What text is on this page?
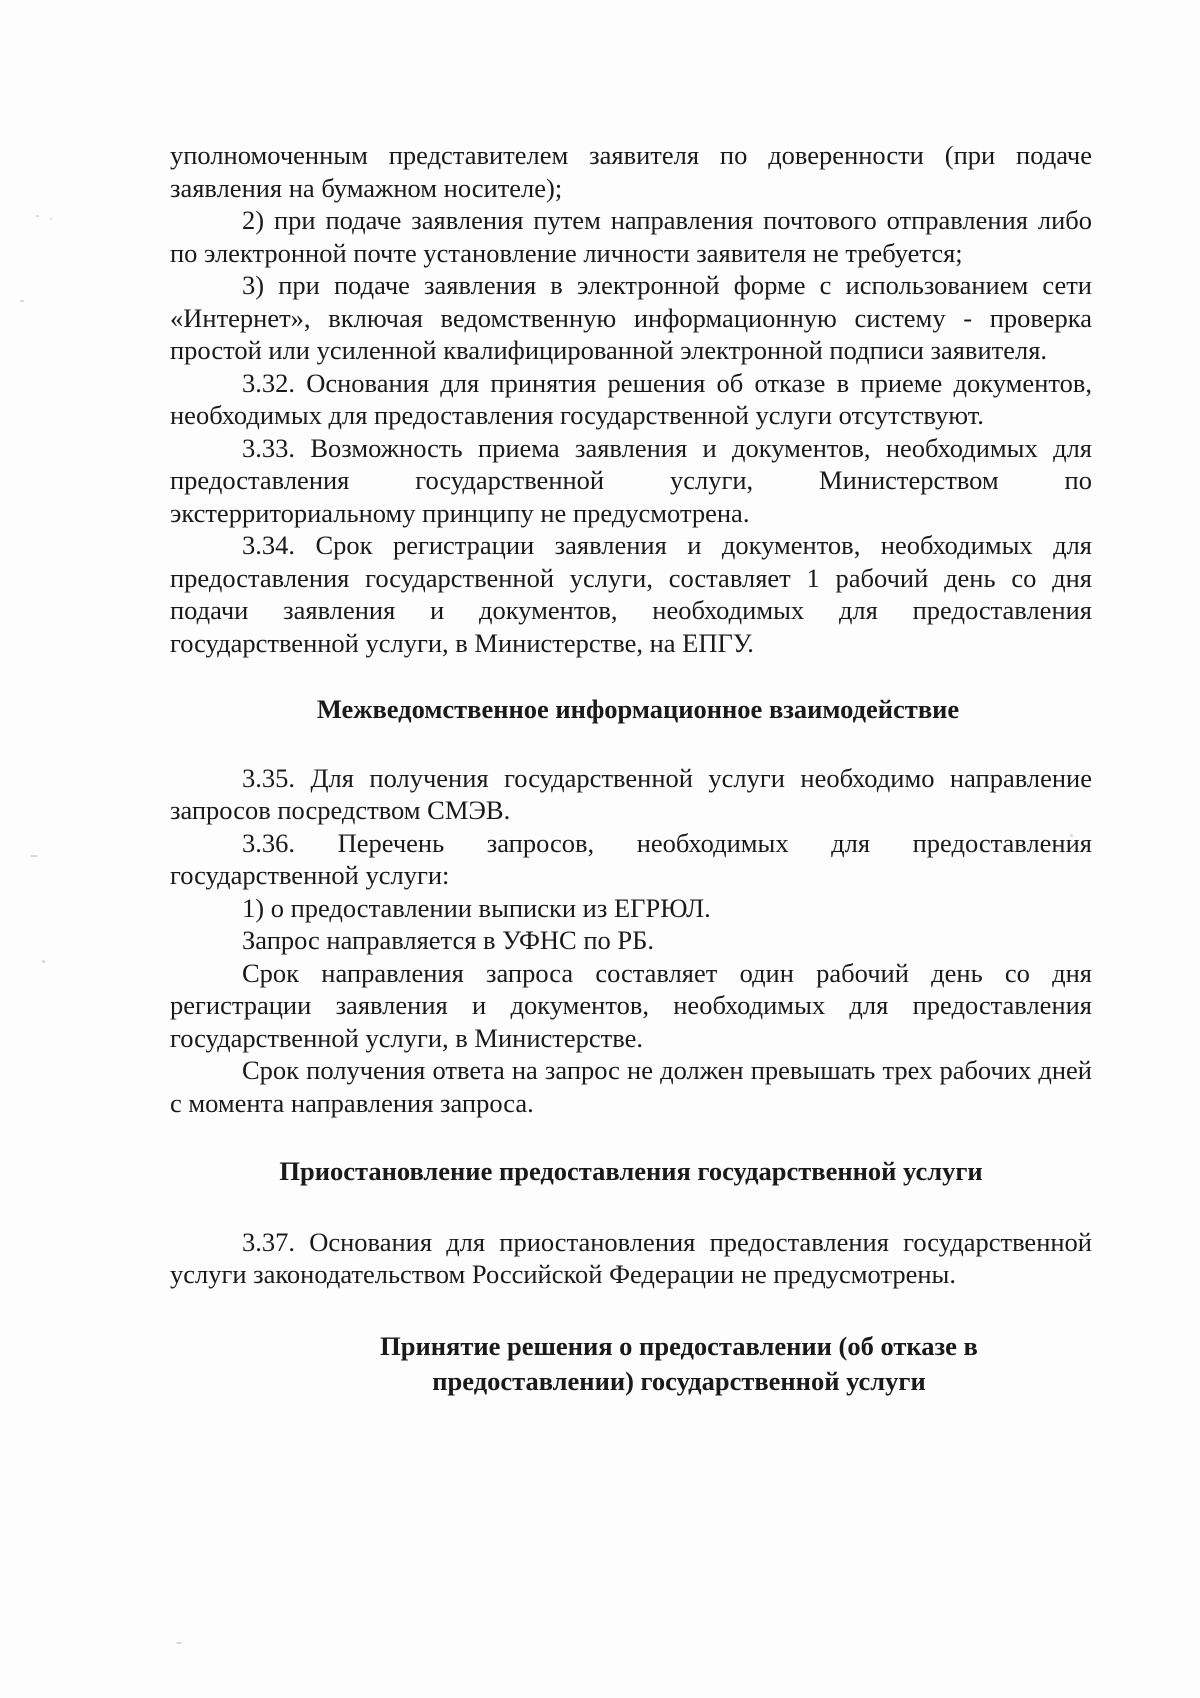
уполномоченным представителем заявителя по доверенности (при подаче заявления на бумажном носителе);

2) при подаче заявления путем направления почтового отправления либо по электронной почте установление личности заявителя не требуется;

3) при подаче заявления в электронной форме с использованием сети «Интернет», включая ведомственную информационную систему - проверка простой или усиленной квалифицированной электронной подписи заявителя.

3.32. Основания для принятия решения об отказе в приеме документов, необходимых для предоставления государственной услуги отсутствуют.

3.33. Возможность приема заявления и документов, необходимых для предоставления государственной услуги, Министерством по экстерриториальному принципу не предусмотрена.

3.34. Срок регистрации заявления и документов, необходимых для предоставления государственной услуги, составляет 1 рабочий день со дня подачи заявления и документов, необходимых для предоставления государственной услуги, в Министерстве, на ЕПГУ.

Межведомственное информационное взаимодействие

3.35. Для получения государственной услуги необходимо направление запросов посредством СМЭВ.

3.36. Перечень запросов, необходимых для предоставления государственной услуги:

1) о предоставлении выписки из ЕГРЮЛ.

Запрос направляется в УФНС по РБ.

Срок направления запроса составляет один рабочий день со дня регистрации заявления и документов, необходимых для предоставления государственной услуги, в Министерстве.

Срок получения ответа на запрос не должен превышать трех рабочих дней с момента направления запроса.

Приостановление предоставления государственной услуги

3.37. Основания для приостановления предоставления государственной услуги законодательством Российской Федерации не предусмотрены.

Принятие решения о предоставлении (об отказе в
предоставлении) государственной услуги
